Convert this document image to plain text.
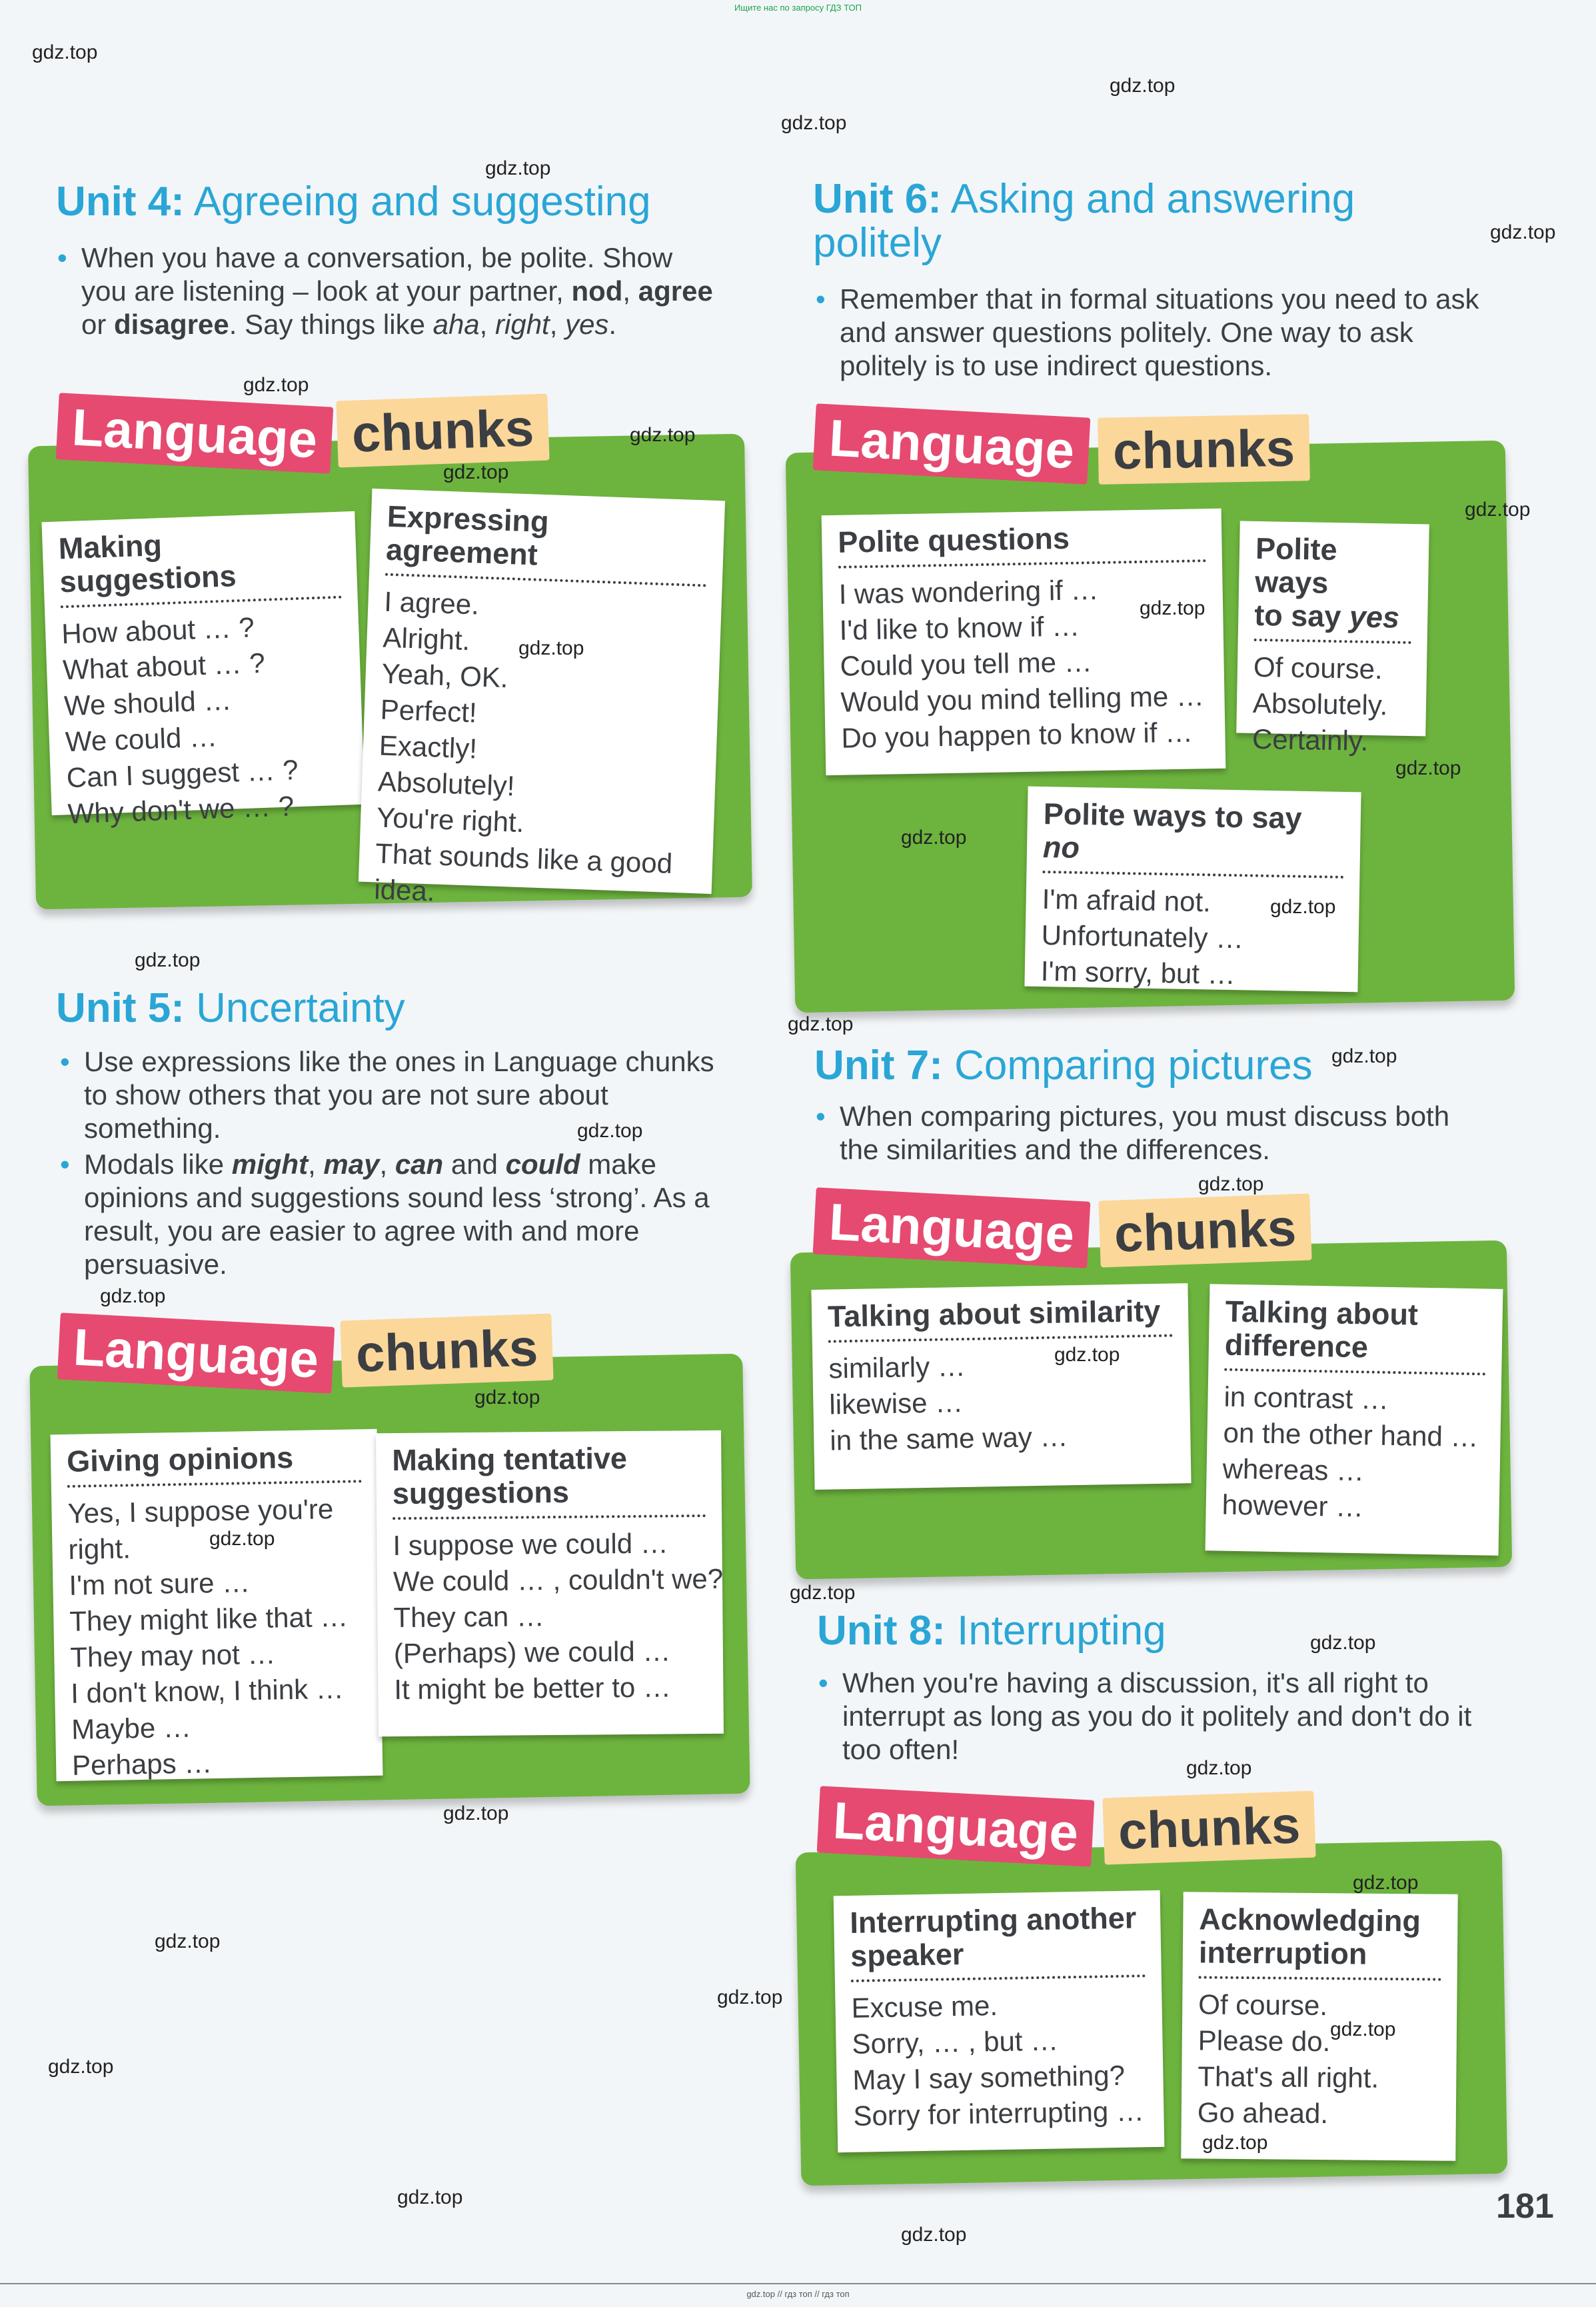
Ищите нас по запросу ГДЗ ТОП
gdz.top // гдз топ // гдз топ
Unit 4: Agreeing and suggesting
• When you have a conversation, be polite. Show you are listening – look at your partner, nod, agree or disagree. Say things like aha, right, yes.
Language chunks
Making suggestions
How about … ?
What about … ?
We should …
We could …
Can I suggest … ?
Why don't we … ?
Expressing agreement
I agree.
Alright.
Yeah, OK.
Perfect!
Exactly!
Absolutely!
You're right.
That sounds like a good idea.
Unit 5: Uncertainty
• Use expressions like the ones in Language chunks to show others that you are not sure about something.
• Modals like might, may, can and could make opinions and suggestions sound less ‘strong’. As a result, you are easier to agree with and more persuasive.
Language chunks
Giving opinions
Yes, I suppose you're right.
I'm not sure …
They might like that …
They may not …
I don't know, I think …
Maybe …
Perhaps …
Making tentative suggestions
I suppose we could …
We could … , couldn't we?
They can …
(Perhaps) we could …
It might be better to …
Unit 6: Asking and answering
politely
• Remember that in formal situations you need to ask and answer questions politely. One way to ask politely is to use indirect questions.
Language chunks
Polite questions
I was wondering if …
I'd like to know if …
Could you tell me …
Would you mind telling me …
Do you happen to know if …
Polite ways
to say yes
Of course.
Absolutely.
Certainly.
Polite ways to say no
I'm afraid not.
Unfortunately …
I'm sorry, but …
Unit 7: Comparing pictures
• When comparing pictures, you must discuss both the similarities and the differences.
Language chunks
Talking about similarity
similarly …
likewise …
in the same way …
Talking about difference
in contrast …
on the other hand …
whereas …
however …
Unit 8: Interrupting
• When you're having a discussion, it's all right to interrupt as long as you do it politely and don't do it too often!
Language chunks
Interrupting another speaker
Excuse me.
Sorry, … , but …
May I say something?
Sorry for interrupting …
Acknowledging interruption
Of course.
Please do.
That's all right.
Go ahead.
181
gdz.top
gdz.top
gdz.top
gdz.top
gdz.top
gdz.top
gdz.top
gdz.top
gdz.top
gdz.top
gdz.top
gdz.top
gdz.top
gdz.top
gdz.top
gdz.top
gdz.top
gdz.top
gdz.top
gdz.top
gdz.top
gdz.top
gdz.top
gdz.top
gdz.top
gdz.top
gdz.top
gdz.top
gdz.top
gdz.top
gdz.top
gdz.top
gdz.top
gdz.top
gdz.top
